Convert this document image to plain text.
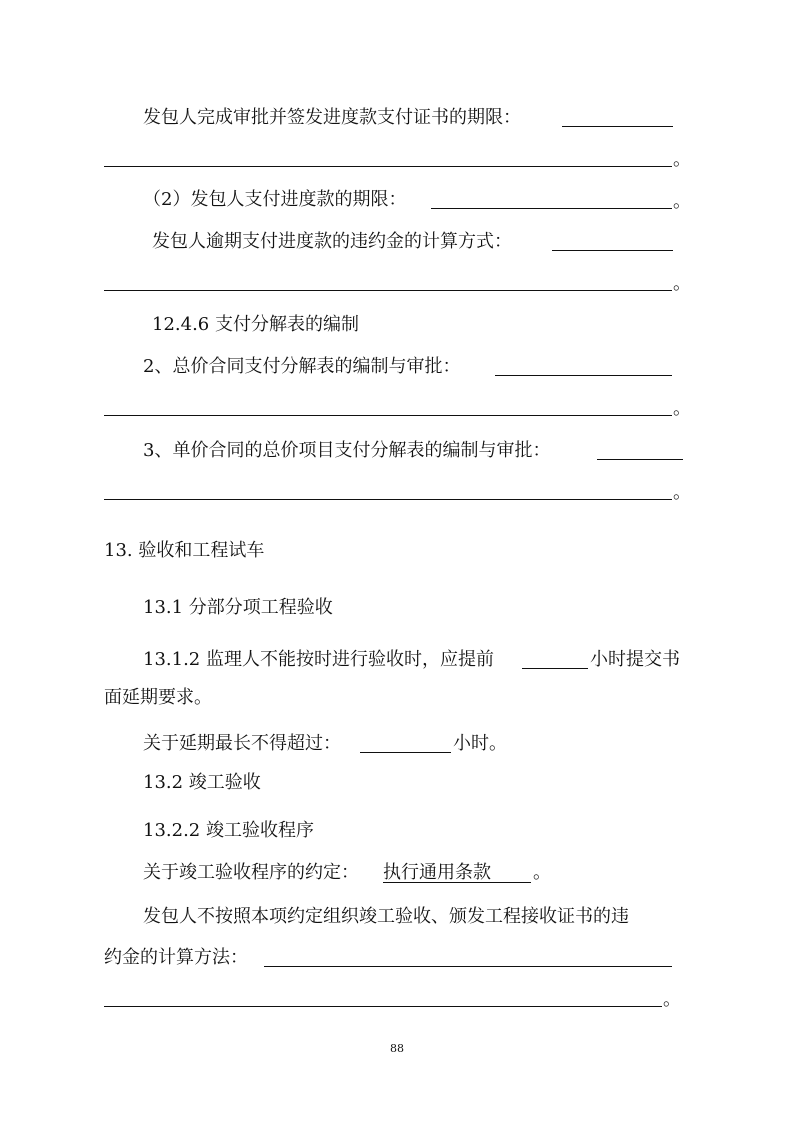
发包人完成审批并签发进度款支付证书的期限：
。
（2）发包人支付进度款的期限：	。
发包人逾期支付进度款的违约金的计算方式：
。
12.4.6 支付分解表的编制
2、总价合同支付分解表的编制与审批：
。
3、单价合同的总价项目支付分解表的编制与审批：
。
13. 验收和工程试车
13.1 分部分项工程验收
13.1.2 监理人不能按时进行验收时，应提前	小时提交书
面延期要求。
关于延期最长不得超过：	小时。
13.2 竣工验收
13.2.2 竣工验收程序
关于竣工验收程序的约定： 执行通用条款 。
发包人不按照本项约定组织竣工验收、颁发工程接收证书的违
约金的计算方法：
。
88
